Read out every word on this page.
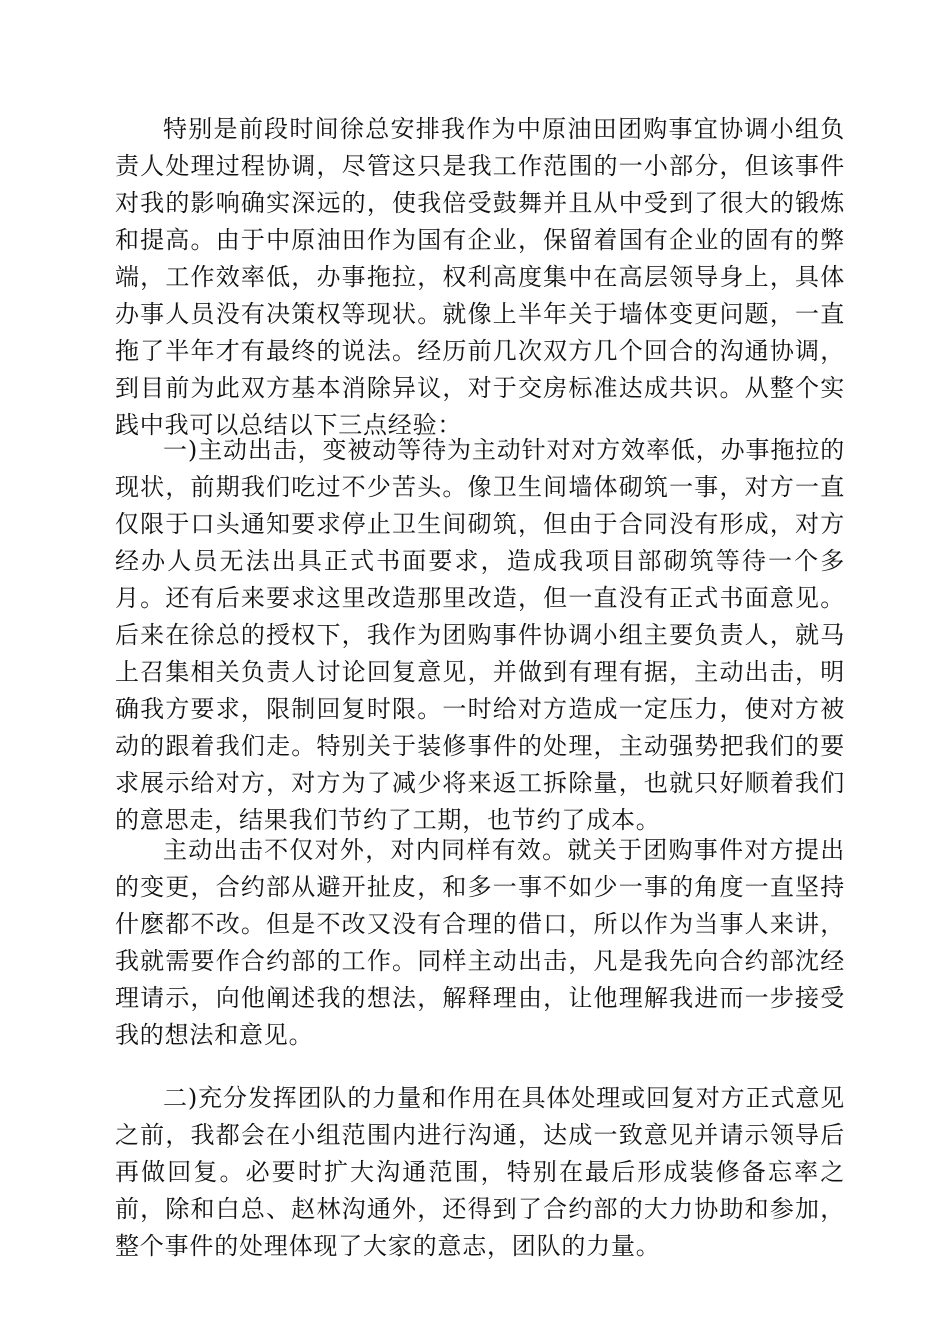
特别是前段时间徐总安排我作为中原油田团购事宜协调小组负责人处理过程协调，尽管这只是我工作范围的一小部分，但该事件对我的影响确实深远的，使我倍受鼓舞并且从中受到了很大的锻炼和提高。由于中原油田作为国有企业，保留着国有企业的固有的弊端，工作效率低，办事拖拉，权利高度集中在高层领导身上，具体办事人员没有决策权等现状。就像上半年关于墙体变更问题，一直拖了半年才有最终的说法。经历前几次双方几个回合的沟通协调，到目前为此双方基本消除异议，对于交房标准达成共识。从整个实践中我可以总结以下三点经验：

一)主动出击，变被动等待为主动针对对方效率低，办事拖拉的现状，前期我们吃过不少苦头。像卫生间墙体砌筑一事，对方一直仅限于口头通知要求停止卫生间砌筑，但由于合同没有形成，对方经办人员无法出具正式书面要求，造成我项目部砌筑等待一个多月。还有后来要求这里改造那里改造，但一直没有正式书面意见。后来在徐总的授权下，我作为团购事件协调小组主要负责人，就马上召集相关负责人讨论回复意见，并做到有理有据，主动出击，明确我方要求，限制回复时限。一时给对方造成一定压力，使对方被动的跟着我们走。特别关于装修事件的处理，主动强势把我们的要求展示给对方，对方为了减少将来返工拆除量，也就只好顺着我们的意思走，结果我们节约了工期，也节约了成本。

主动出击不仅对外，对内同样有效。就关于团购事件对方提出的变更，合约部从避开扯皮，和多一事不如少一事的角度一直坚持什麽都不改。但是不改又没有合理的借口，所以作为当事人来讲，我就需要作合约部的工作。同样主动出击，凡是我先向合约部沈经理请示，向他阐述我的想法，解释理由，让他理解我进而一步接受我的想法和意见。

二)充分发挥团队的力量和作用在具体处理或回复对方正式意见之前，我都会在小组范围内进行沟通，达成一致意见并请示领导后再做回复。必要时扩大沟通范围，特别在最后形成装修备忘率之前，除和白总、赵林沟通外，还得到了合约部的大力协助和参加，整个事件的处理体现了大家的意志，团队的力量。
